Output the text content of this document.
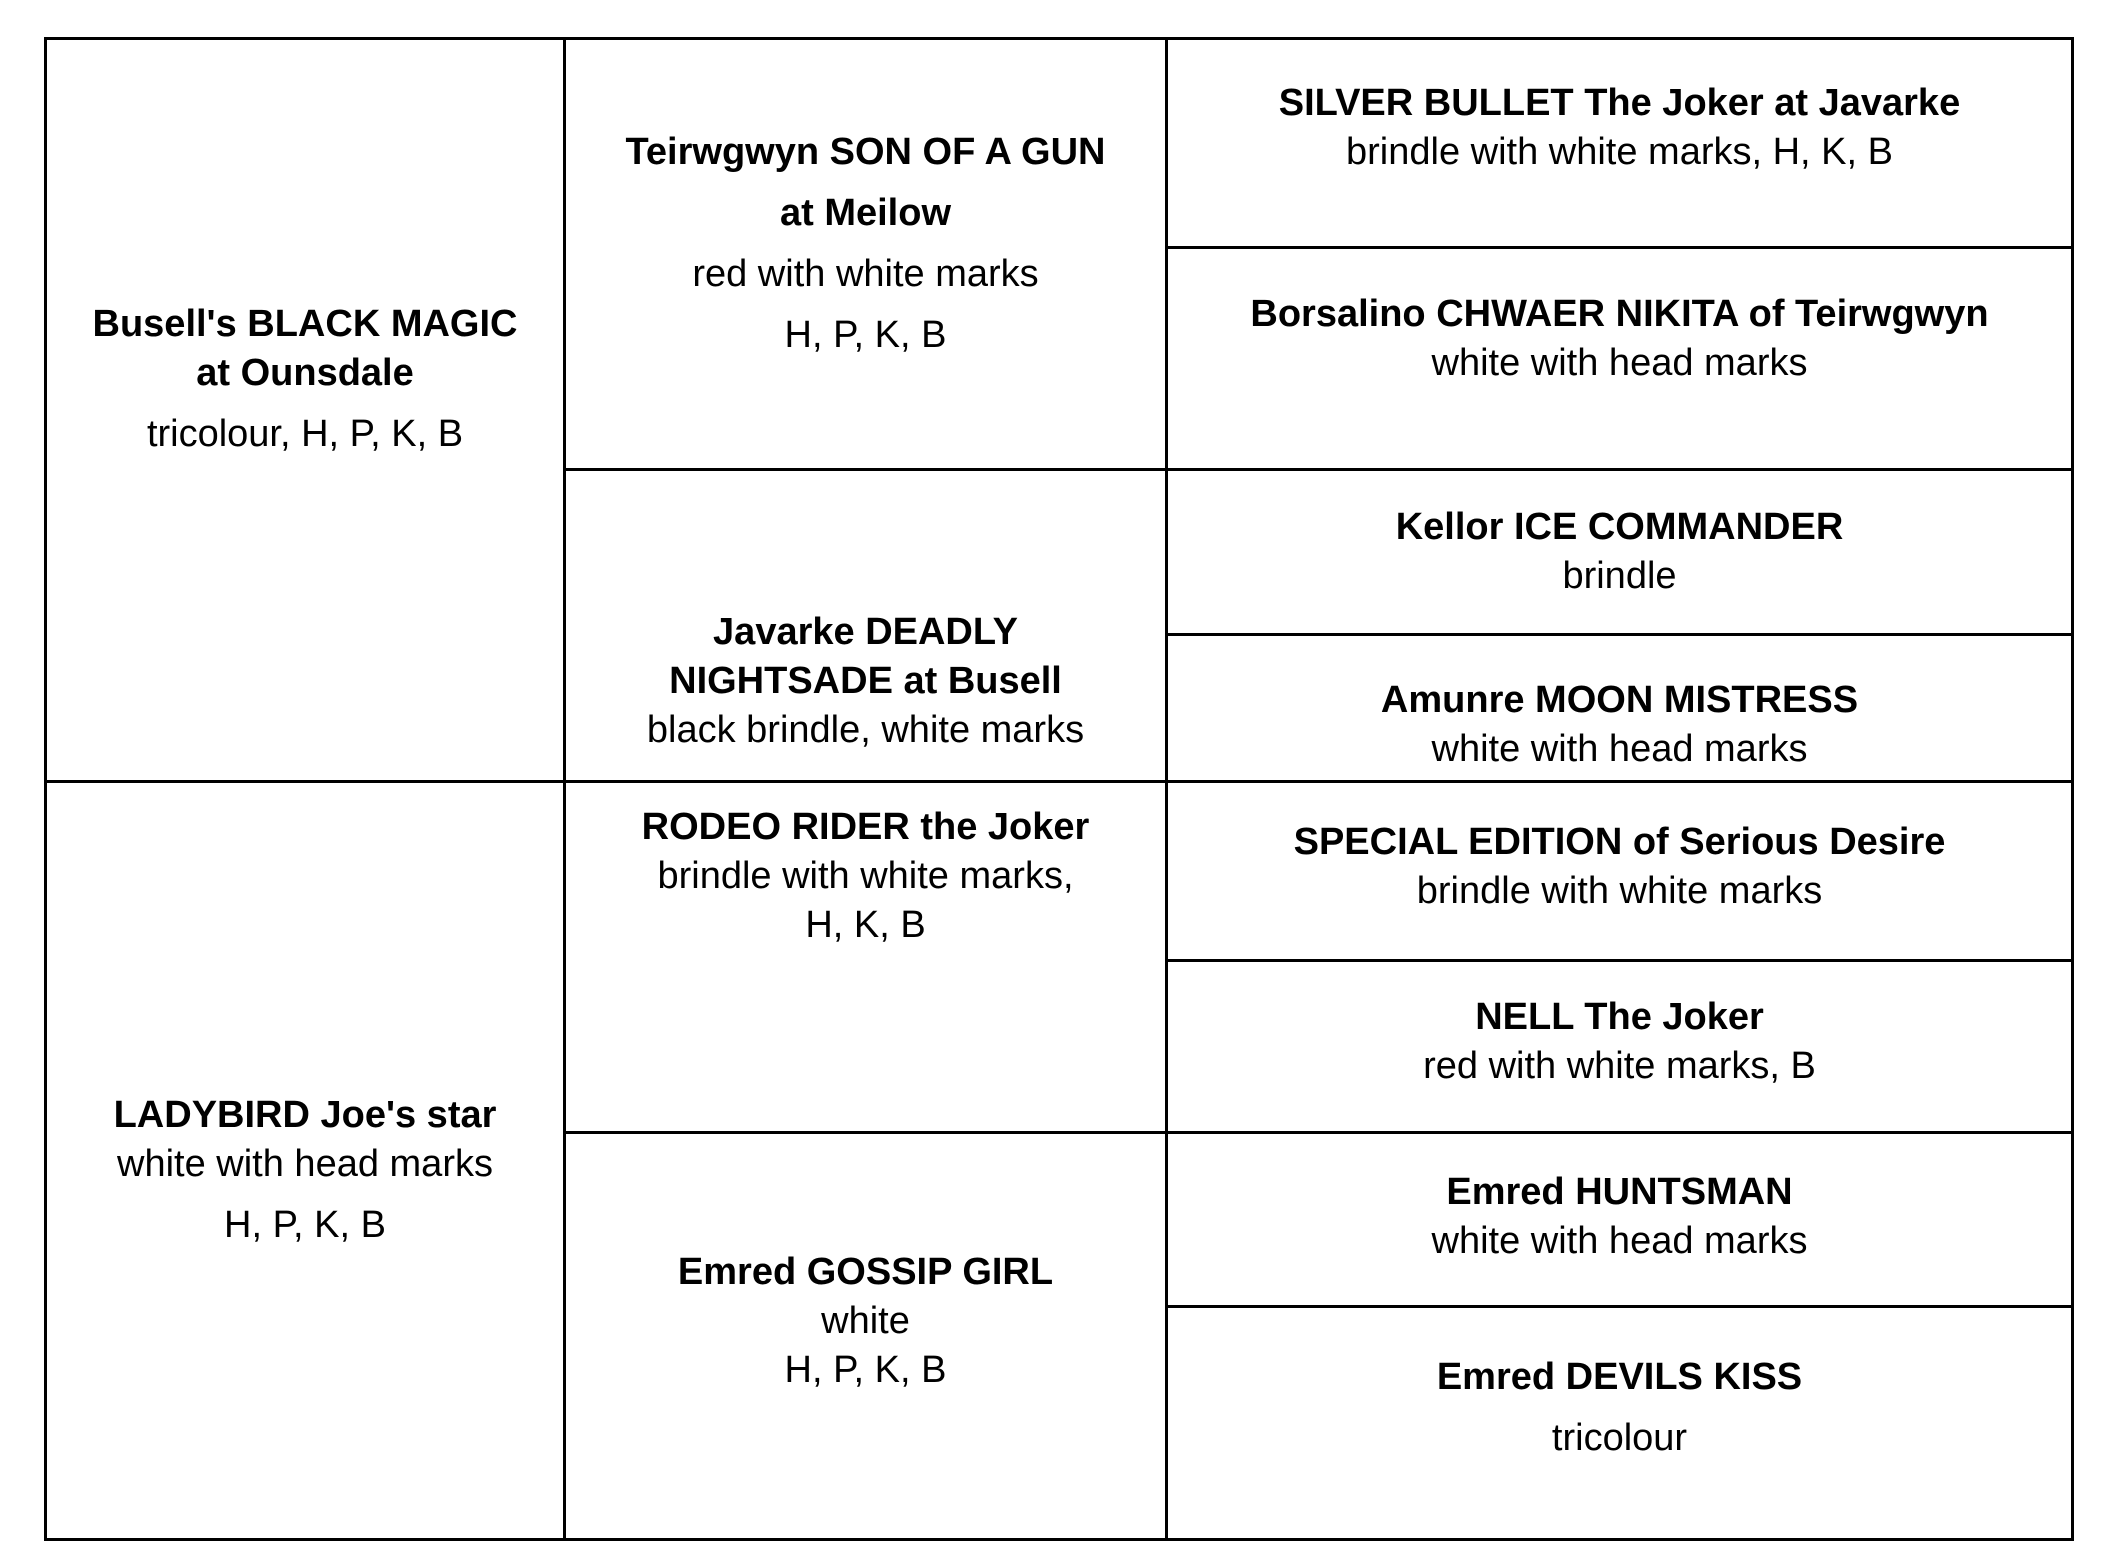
Busell's BLACK MAGIC
at Ounsdale
tricolour, H, P, K, B
LADYBIRD Joe's star
white with head marks
H, P, K, B
Teirwgwyn SON OF A GUN
at Meilow
red with white marks
H, P, K, B
Javarke DEADLY
NIGHTSADE at Busell
black brindle, white marks
RODEO RIDER the Joker
brindle with white marks,
H, K, B
Emred GOSSIP GIRL
white
H, P, K, B
SILVER BULLET The Joker at Javarke
brindle with white marks, H, K, B
Borsalino CHWAER NIKITA of Teirwgwyn
white with head marks
Kellor ICE COMMANDER
brindle
Amunre MOON MISTRESS
white with head marks
SPECIAL EDITION of Serious Desire
brindle with white marks
NELL The Joker
red with white marks, B
Emred HUNTSMAN
white with head marks
Emred DEVILS KISS
tricolour
